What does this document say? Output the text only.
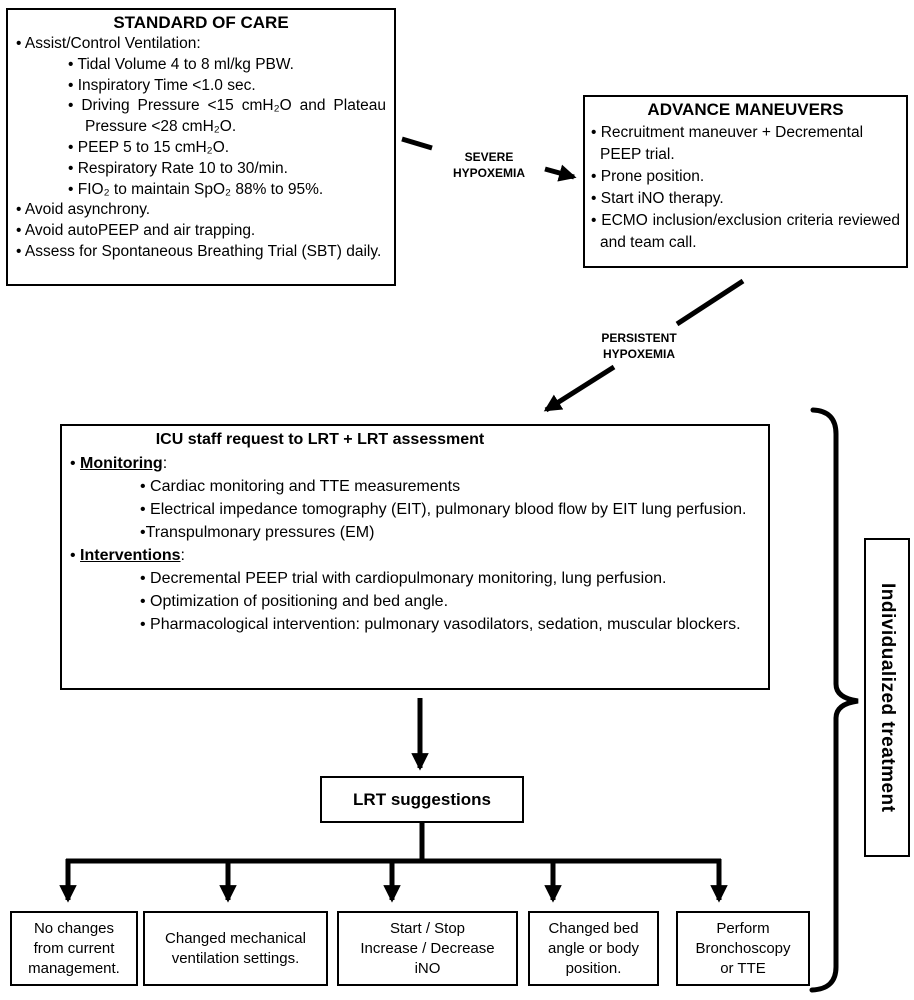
STANDARD OF CARE
• Assist/Control Ventilation:
• Tidal Volume 4 to 8 ml/kg PBW.
• Inspiratory Time <1.0 sec.
• Driving Pressure <15 cmH₂O and Plateau Pressure <28 cmH₂O.
• PEEP 5 to 15 cmH₂O.
• Respiratory Rate 10 to 30/min.
• FIO₂ to maintain SpO₂ 88% to 95%.
• Avoid asynchrony.
• Avoid autoPEEP and air trapping.
• Assess for Spontaneous Breathing Trial (SBT) daily.
SEVERE
HYPOXEMIA
ADVANCE MANEUVERS
• Recruitment maneuver + Decremental PEEP trial.
• Prone position.
• Start iNO therapy.
• ECMO inclusion/exclusion criteria reviewed and team call.
PERSISTENT
HYPOXEMIA
ICU staff request to LRT + LRT assessment
• Monitoring:
• Cardiac monitoring and TTE measurements
• Electrical impedance tomography (EIT), pulmonary blood flow by EIT lung perfusion.
•Transpulmonary pressures (EM)
• Interventions:
• Decremental PEEP trial with cardiopulmonary monitoring, lung perfusion.
• Optimization of positioning and bed angle.
• Pharmacological intervention: pulmonary vasodilators, sedation, muscular blockers.
LRT suggestions
No changes
from current
management.
Changed mechanical
ventilation settings.
Start / Stop
Increase / Decrease
iNO
Changed bed
angle or body
position.
Perform
Bronchoscopy
or TTE
Individualized treatment
